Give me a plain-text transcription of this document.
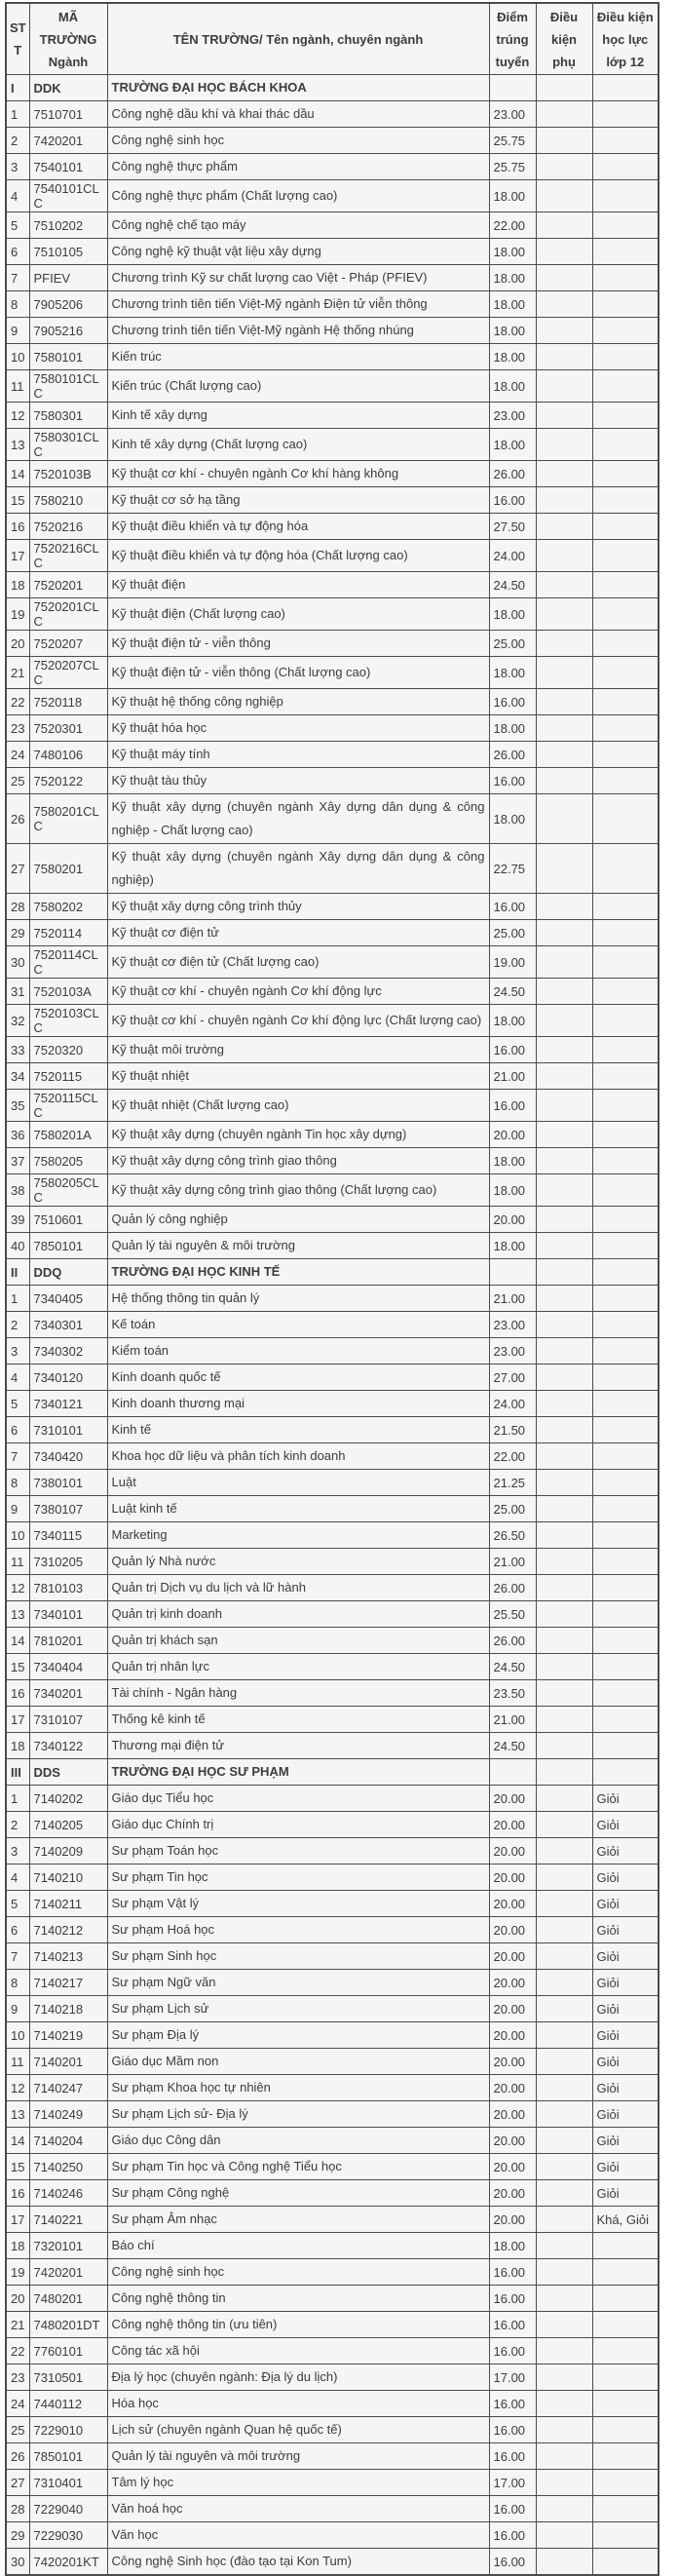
STT	MÃ TRƯỜNG Ngành	TÊN TRƯỜNG/ Tên ngành, chuyên ngành	Điểm trúng tuyển	Điều kiện phụ	Điều kiện học lực lớp 12
I	DDK	TRƯỜNG ĐẠI HỌC BÁCH KHOA			
1	7510701	Công nghệ dầu khí và khai thác dầu	23.00		
2	7420201	Công nghệ sinh học	25.75		
3	7540101	Công nghệ thực phẩm	25.75		
4	7540101CLC	Công nghệ thực phẩm (Chất lượng cao)	18.00		
5	7510202	Công nghệ chế tạo máy	22.00		
6	7510105	Công nghệ kỹ thuật vật liệu xây dựng	18.00		
7	PFIEV	Chương trình Kỹ sư chất lượng cao Việt - Pháp (PFIEV)	18.00		
8	7905206	Chương trình tiên tiến Việt-Mỹ ngành Điện tử viễn thông	18.00		
9	7905216	Chương trình tiên tiến Việt-Mỹ ngành Hệ thống nhúng	18.00		
10	7580101	Kiến trúc	18.00		
11	7580101CLC	Kiến trúc (Chất lượng cao)	18.00		
12	7580301	Kinh tế xây dựng	23.00		
13	7580301CLC	Kinh tế xây dựng (Chất lượng cao)	18.00		
14	7520103B	Kỹ thuật cơ khí - chuyên ngành Cơ khí hàng không	26.00		
15	7580210	Kỹ thuật cơ sở hạ tầng	16.00		
16	7520216	Kỹ thuật điều khiển và tự động hóa	27.50		
17	7520216CLC	Kỹ thuật điều khiển và tự động hóa (Chất lượng cao)	24.00		
18	7520201	Kỹ thuật điện	24.50		
19	7520201CLC	Kỹ thuật điện (Chất lượng cao)	18.00		
20	7520207	Kỹ thuật điện tử - viễn thông	25.00		
21	7520207CLC	Kỹ thuật điện tử - viễn thông (Chất lượng cao)	18.00		
22	7520118	Kỹ thuật hệ thống công nghiệp	16.00		
23	7520301	Kỹ thuật hóa học	18.00		
24	7480106	Kỹ thuật máy tính	26.00		
25	7520122	Kỹ thuật tàu thủy	16.00		
26	7580201CLC	Kỹ thuật xây dựng (chuyên ngành Xây dựng dân dụng & công nghiệp - Chất lượng cao)	18.00		
27	7580201	Kỹ thuật xây dựng (chuyên ngành Xây dựng dân dụng & công nghiệp)	22.75		
28	7580202	Kỹ thuật xây dựng công trình thủy	16.00		
29	7520114	Kỹ thuật cơ điện tử	25.00		
30	7520114CLC	Kỹ thuật cơ điện tử (Chất lượng cao)	19.00		
31	7520103A	Kỹ thuật cơ khí - chuyên ngành Cơ khí động lực	24.50		
32	7520103CLC	Kỹ thuật cơ khí - chuyên ngành Cơ khí động lực (Chất lượng cao)	18.00		
33	7520320	Kỹ thuật môi trường	16.00		
34	7520115	Kỹ thuật nhiệt	21.00		
35	7520115CLC	Kỹ thuật nhiệt (Chất lượng cao)	16.00		
36	7580201A	Kỹ thuật xây dựng (chuyên ngành Tin học xây dựng)	20.00		
37	7580205	Kỹ thuật xây dựng công trình giao thông	18.00		
38	7580205CLC	Kỹ thuật xây dựng công trình giao thông (Chất lượng cao)	18.00		
39	7510601	Quản lý công nghiệp	20.00		
40	7850101	Quản lý tài nguyên & môi trường	18.00		
II	DDQ	TRƯỜNG ĐẠI HỌC KINH TẾ			
1	7340405	Hệ thống thông tin quản lý	21.00		
2	7340301	Kế toán	23.00		
3	7340302	Kiểm toán	23.00		
4	7340120	Kinh doanh quốc tế	27.00		
5	7340121	Kinh doanh thương mại	24.00		
6	7310101	Kinh tế	21.50		
7	7340420	Khoa học dữ liệu và phân tích kinh doanh	22.00		
8	7380101	Luật	21.25		
9	7380107	Luật kinh tế	25.00		
10	7340115	Marketing	26.50		
11	7310205	Quản lý Nhà nước	21.00		
12	7810103	Quản trị Dịch vụ du lịch và lữ hành	26.00		
13	7340101	Quản trị kinh doanh	25.50		
14	7810201	Quản trị khách sạn	26.00		
15	7340404	Quản trị nhân lực	24.50		
16	7340201	Tài chính - Ngân hàng	23.50		
17	7310107	Thống kê kinh tế	21.00		
18	7340122	Thương mại điện tử	24.50		
III	DDS	TRƯỜNG ĐẠI HỌC SƯ PHẠM			
1	7140202	Giáo dục Tiểu học	20.00		Giỏi
2	7140205	Giáo dục Chính trị	20.00		Giỏi
3	7140209	Sư phạm Toán học	20.00		Giỏi
4	7140210	Sư phạm Tin học	20.00		Giỏi
5	7140211	Sư phạm Vật lý	20.00		Giỏi
6	7140212	Sư phạm Hoá học	20.00		Giỏi
7	7140213	Sư phạm Sinh học	20.00		Giỏi
8	7140217	Sư phạm Ngữ văn	20.00		Giỏi
9	7140218	Sư phạm Lịch sử	20.00		Giỏi
10	7140219	Sư phạm Địa lý	20.00		Giỏi
11	7140201	Giáo dục Mầm non	20.00		Giỏi
12	7140247	Sư phạm Khoa học tự nhiên	20.00		Giỏi
13	7140249	Sư phạm Lịch sử- Địa lý	20.00		Giỏi
14	7140204	Giáo dục Công dân	20.00		Giỏi
15	7140250	Sư phạm Tin học và Công nghệ Tiểu học	20.00		Giỏi
16	7140246	Sư phạm Công nghệ	20.00		Giỏi
17	7140221	Sư phạm Âm nhạc	20.00		Khá, Giỏi
18	7320101	Báo chí	18.00		
19	7420201	Công nghệ sinh học	16.00		
20	7480201	Công nghệ thông tin	16.00		
21	7480201DT	Công nghệ thông tin (ưu tiên)	16.00		
22	7760101	Công tác xã hội	16.00		
23	7310501	Địa lý học (chuyên ngành: Địa lý du lịch)	17.00		
24	7440112	Hóa học	16.00		
25	7229010	Lịch sử (chuyên ngành Quan hệ quốc tế)	16.00		
26	7850101	Quản lý tài nguyên và môi trường	16.00		
27	7310401	Tâm lý học	17.00		
28	7229040	Văn hoá học	16.00		
29	7229030	Văn học	16.00		
30	7420201KT	Công nghệ Sinh học (đào tạo tại Kon Tum)	16.00		
